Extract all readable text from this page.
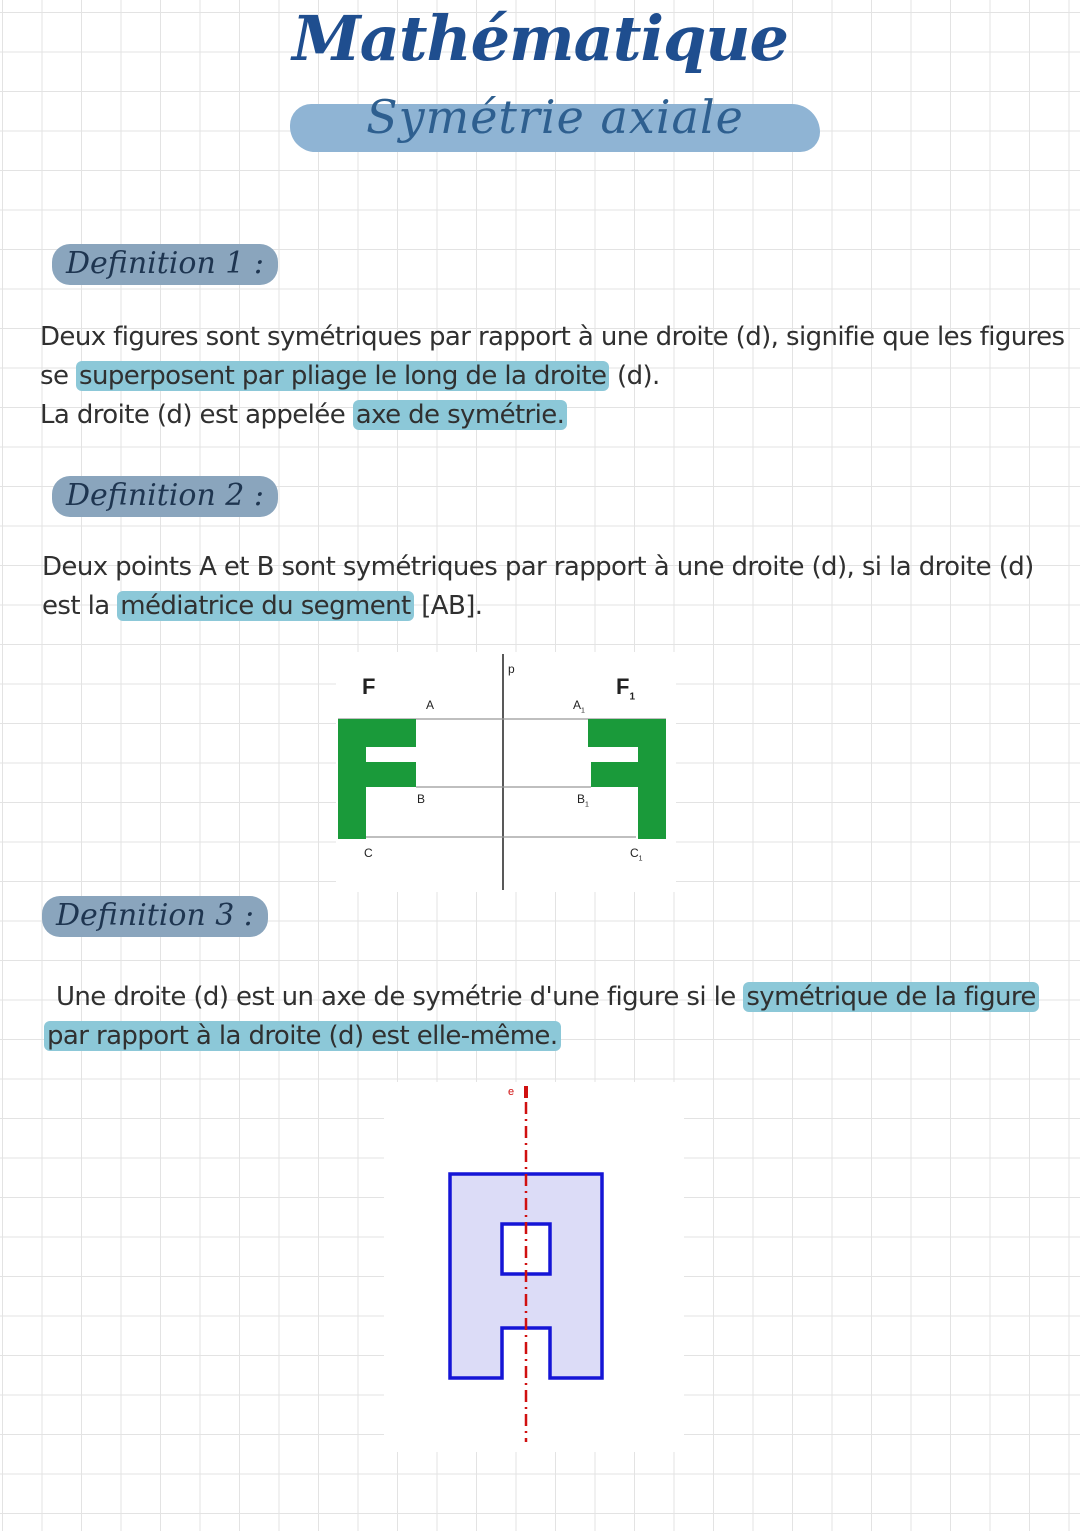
Mathématique
Symétrie axiale
Definition 1 :
Deux figures sont symétriques par rapport à une droite (d), signifie que les figures
se superposent par pliage le long de la droite (d).
La droite (d) est appelée axe de symétrie.
Definition 2 :
Deux points A et B sont symétriques par rapport à une droite (d), si la droite (d)
est la médiatrice du segment [AB].
p
F	$F_1$
A	$A_1$
B	$B_1$
C	$C_1$
Definition 3 :
Une droite (d) est un axe de symétrie d'une figure si le symétrique de la figure
par rapport à la droite (d) est elle-même.
e
